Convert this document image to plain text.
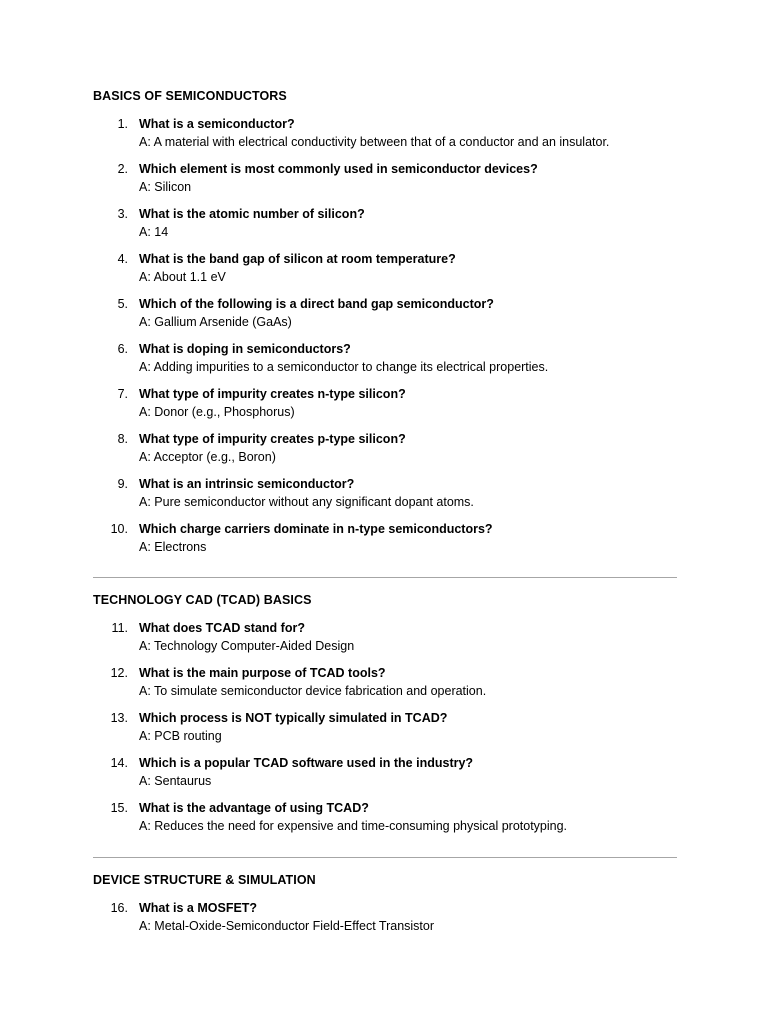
BASICS OF SEMICONDUCTORS
1. What is a semiconductor?

A: A material with electrical conductivity between that of a conductor and an insulator.

2. Which element is most commonly used in semiconductor devices?

A: Silicon

3. What is the atomic number of silicon?

A: 14

4. What is the band gap of silicon at room temperature?

A: About 1.1 eV

5. Which of the following is a direct band gap semiconductor?

A: Gallium Arsenide (GaAs)

6. What is doping in semiconductors?

A: Adding impurities to a semiconductor to change its electrical properties.

7. What type of impurity creates n-type silicon?

A: Donor (e.g., Phosphorus)

8. What type of impurity creates p-type silicon?

A: Acceptor (e.g., Boron)

9. What is an intrinsic semiconductor?

A: Pure semiconductor without any significant dopant atoms.

10. Which charge carriers dominate in n-type semiconductors?

A: Electrons

TECHNOLOGY CAD (TCAD) BASICS
11. What does TCAD stand for?

A: Technology Computer-Aided Design

12. What is the main purpose of TCAD tools?

A: To simulate semiconductor device fabrication and operation.

13. Which process is NOT typically simulated in TCAD?

A: PCB routing

14. Which is a popular TCAD software used in the industry?

A: Sentaurus

15. What is the advantage of using TCAD?

A: Reduces the need for expensive and time-consuming physical prototyping.

DEVICE STRUCTURE & SIMULATION
16. What is a MOSFET?

A: Metal-Oxide-Semiconductor Field-Effect Transistor
